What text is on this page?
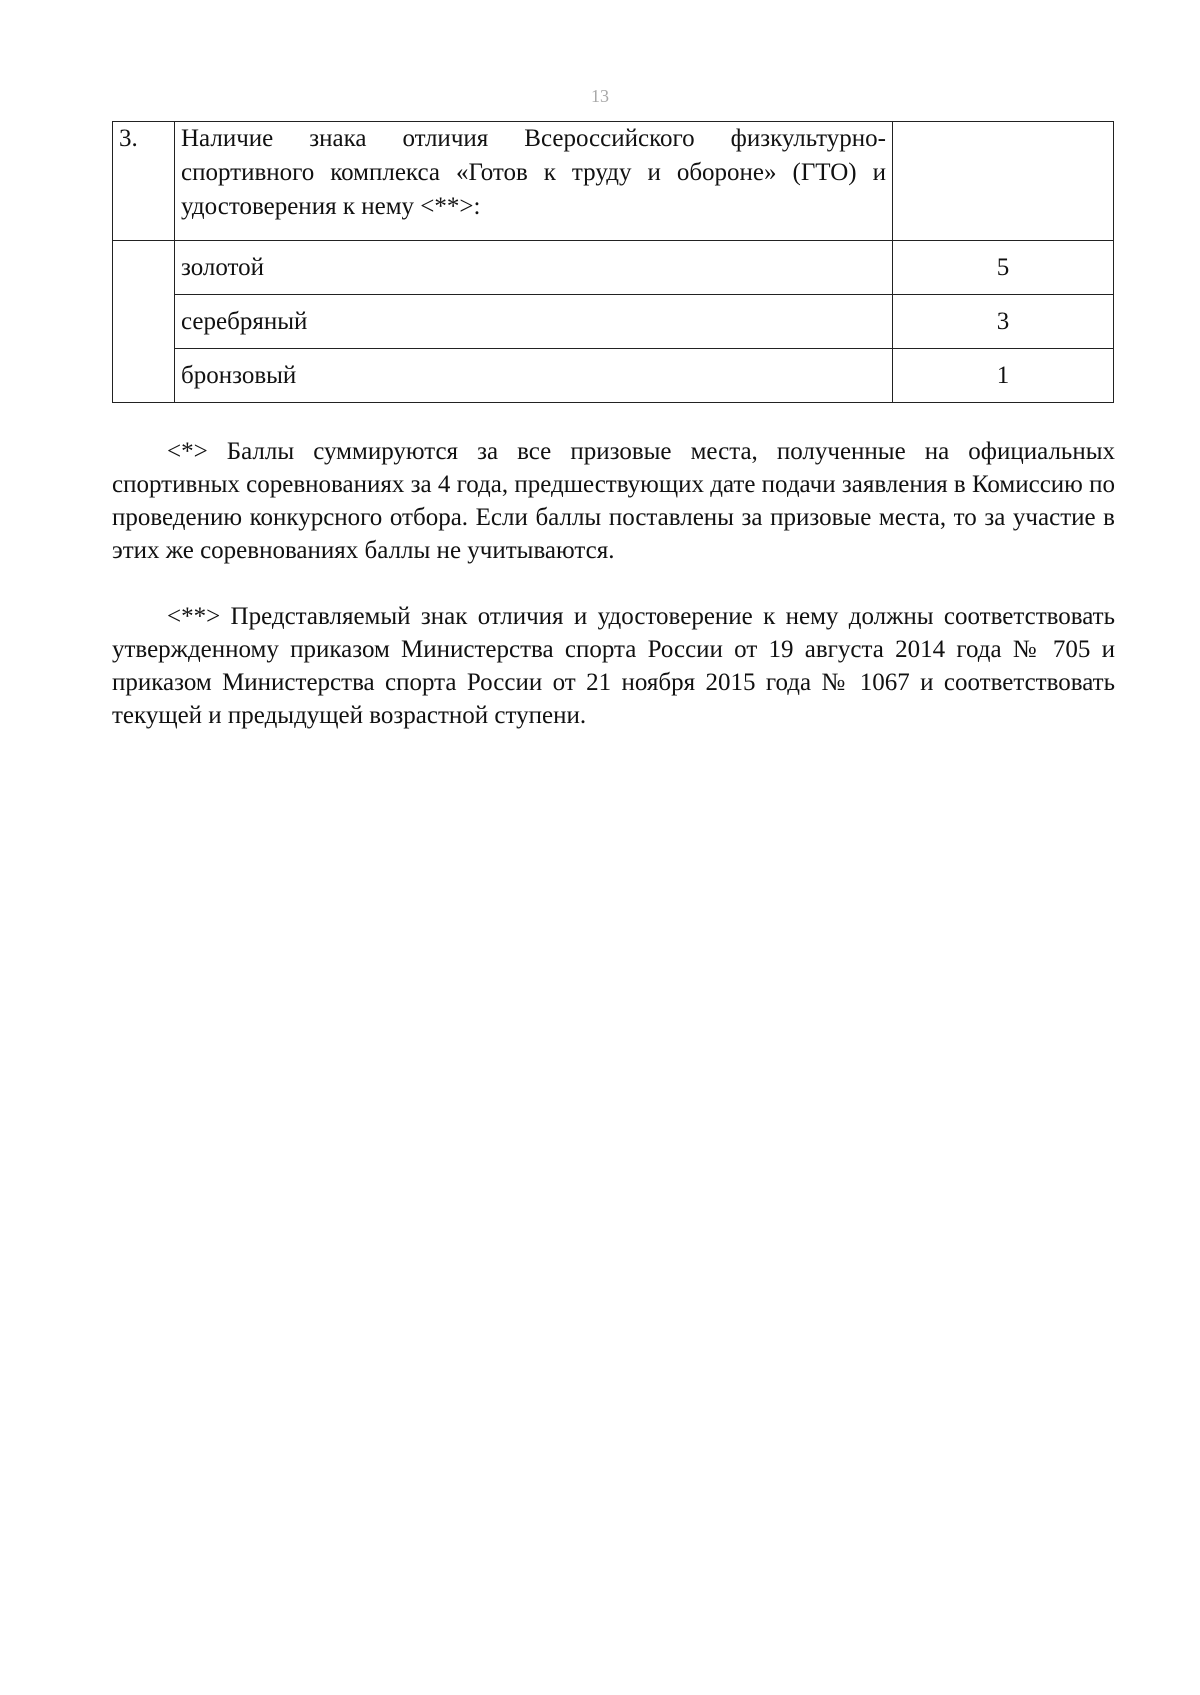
13
3.	Наличие знака отличия Всероссийского физкультурно-спортивного комплекса «Готов к труду и обороне» (ГТО) и удостоверения к нему <**>:	
	золотой	5
	серебряный	3
	бронзовый	1

<*> Баллы суммируются за все призовые места, полученные на официальных спортивных соревнованиях за 4 года, предшествующих дате подачи заявления в Комиссию по проведению конкурсного отбора. Если баллы поставлены за призовые места, то за участие в этих же соревнованиях баллы не учитываются.

<**> Представляемый знак отличия и удостоверение к нему должны соответствовать утвержденному приказом Министерства спорта России от 19 августа 2014 года № 705 и приказом Министерства спорта России от 21 ноября 2015 года № 1067 и соответствовать текущей и предыдущей возрастной ступени.
